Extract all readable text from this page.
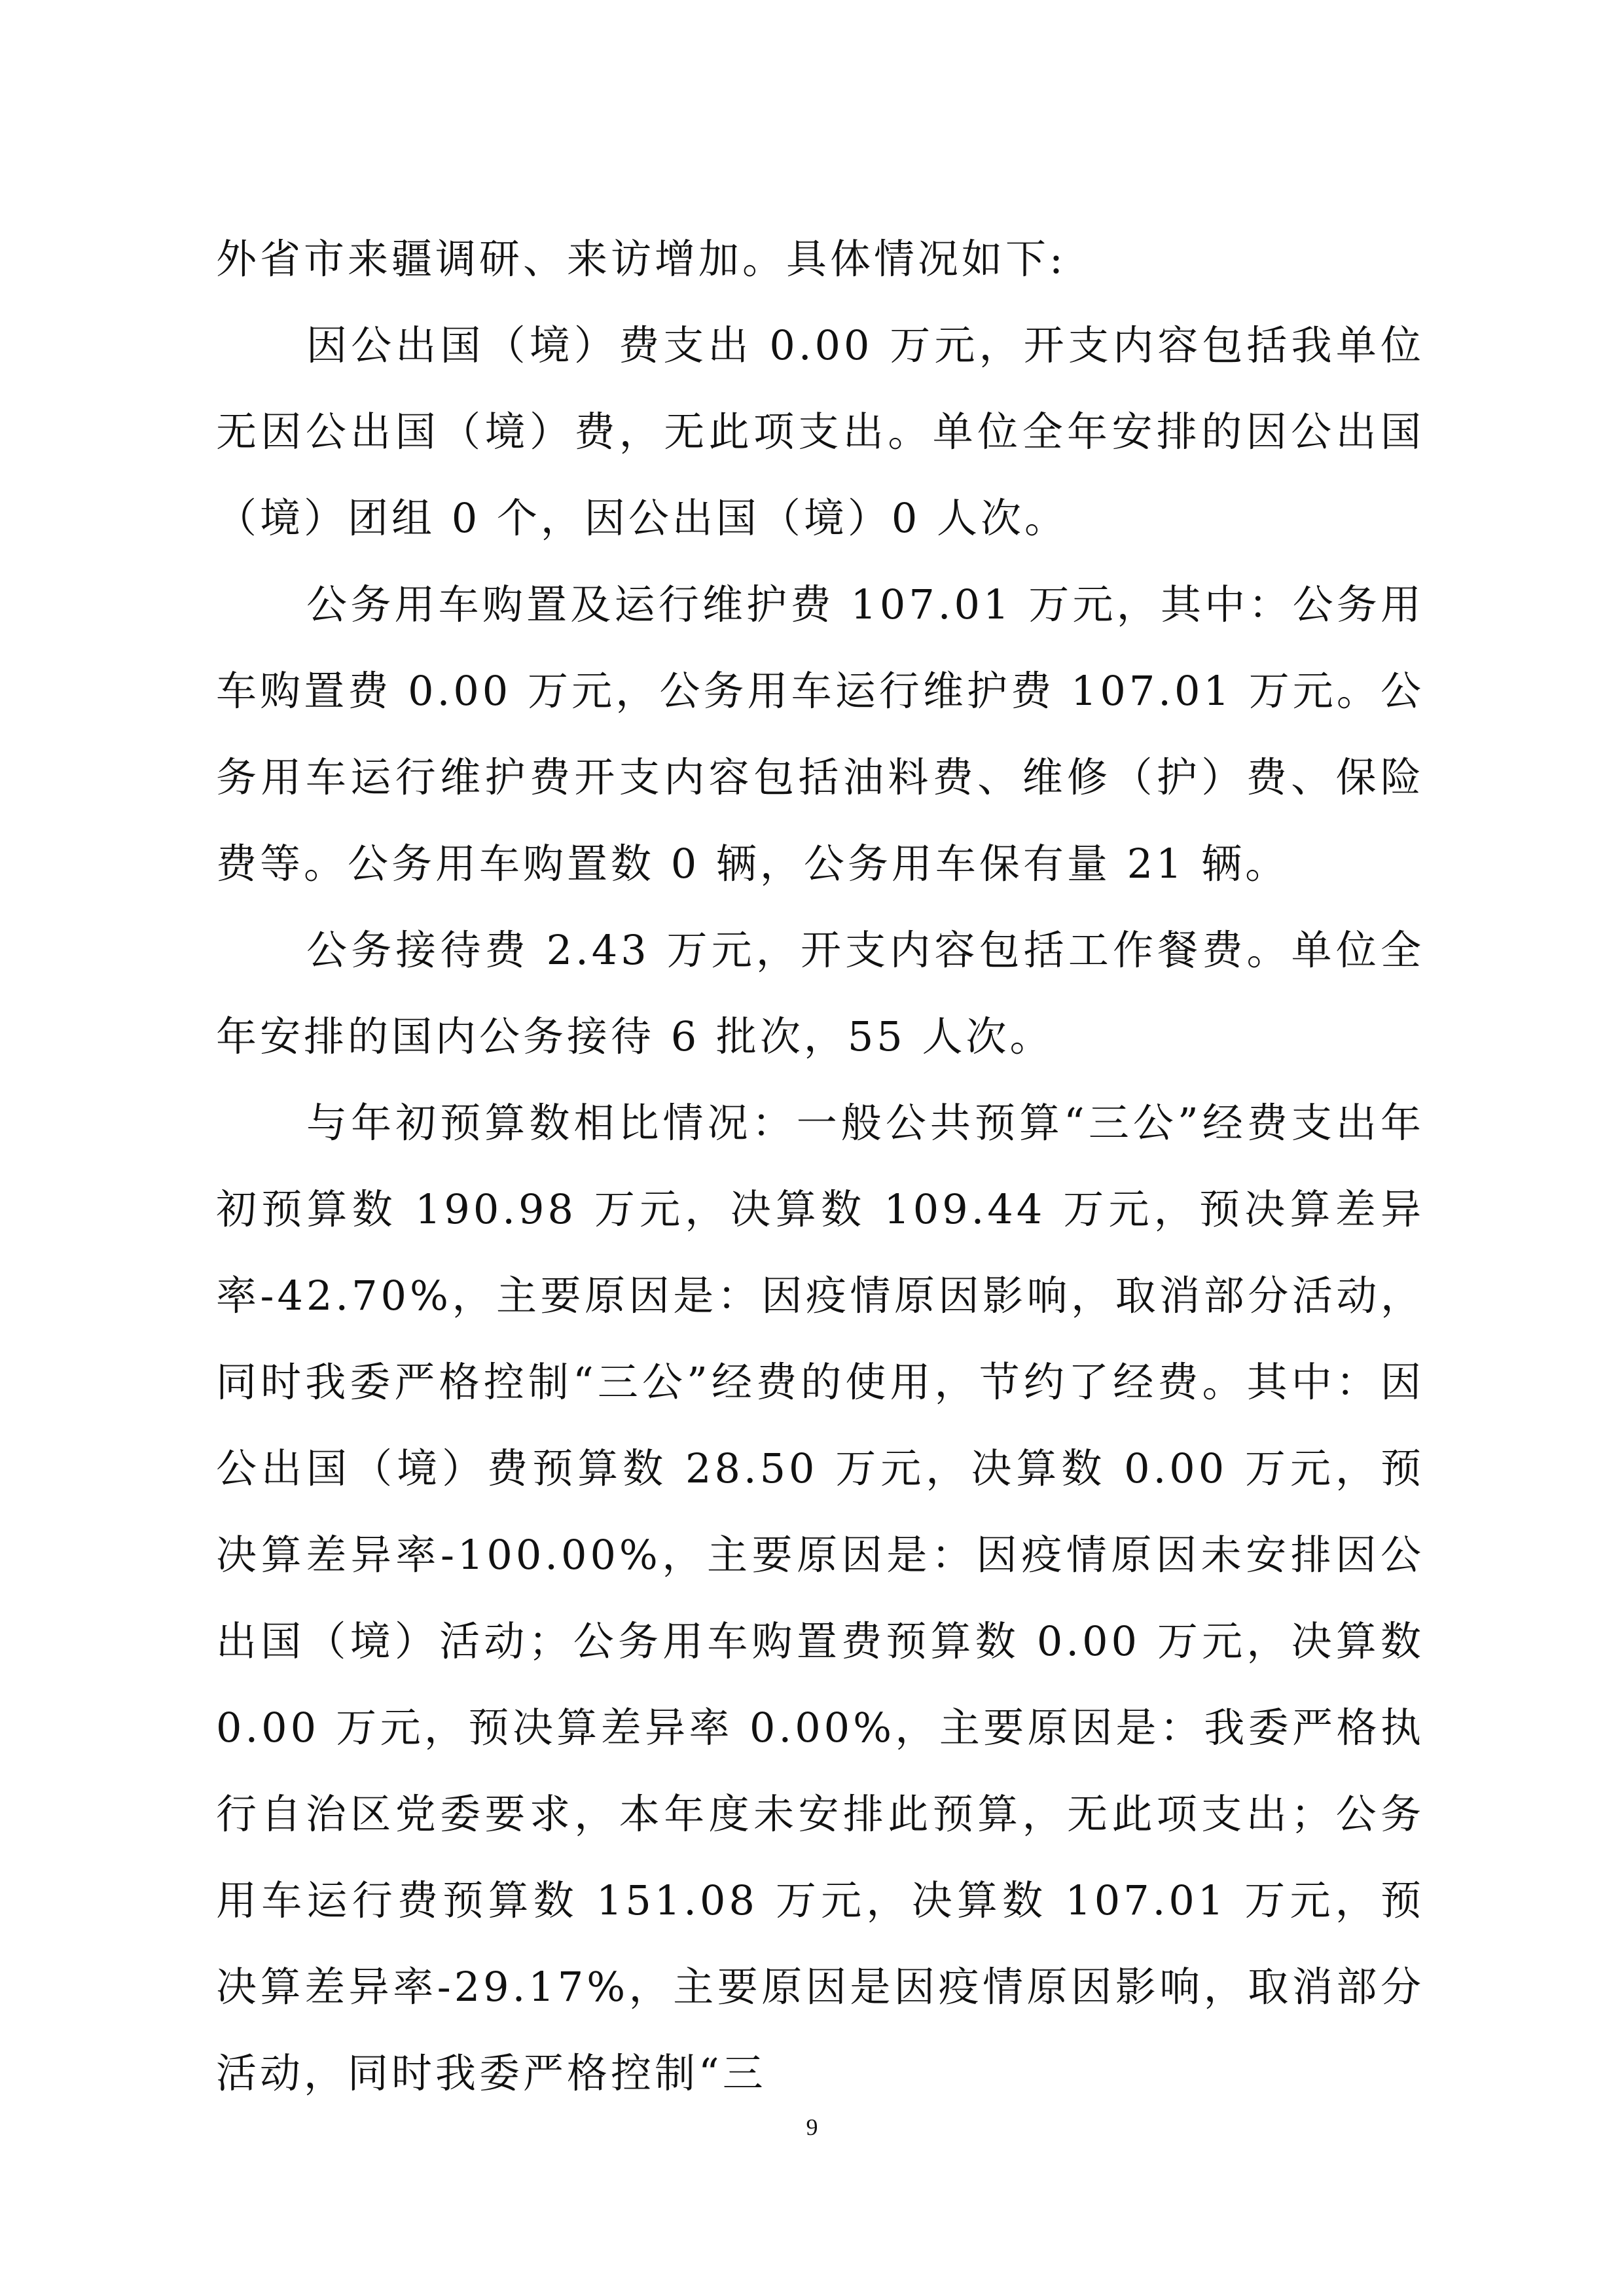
外省市来疆调研、来访增加。具体情况如下:

因公出国（境）费支出 0.00 万元，开支内容包括我单位无因公出国（境）费，无此项支出。单位全年安排的因公出国（境）团组 0 个，因公出国（境）0 人次。

公务用车购置及运行维护费 107.01 万元，其中：公务用车购置费 0.00 万元，公务用车运行维护费 107.01 万元。公务用车运行维护费开支内容包括油料费、维修（护）费、保险费等。公务用车购置数 0 辆，公务用车保有量 21 辆。

公务接待费 2.43 万元，开支内容包括工作餐费。单位全年安排的国内公务接待 6 批次，55 人次。

与年初预算数相比情况：一般公共预算“三公”经费支出年初预算数 190.98 万元，决算数 109.44 万元，预决算差异率-42.70%，主要原因是：因疫情原因影响，取消部分活动，同时我委严格控制“三公”经费的使用，节约了经费。其中：因公出国（境）费预算数 28.50 万元，决算数 0.00 万元，预决算差异率-100.00%，主要原因是：因疫情原因未安排因公出国（境）活动；公务用车购置费预算数 0.00 万元，决算数 0.00 万元，预决算差异率 0.00%，主要原因是：我委严格执行自治区党委要求，本年度未安排此预算，无此项支出；公务用车运行费预算数 151.08 万元，决算数 107.01 万元，预决算差异率-29.17%，主要原因是因疫情原因影响，取消部分活动，同时我委严格控制“三

9
